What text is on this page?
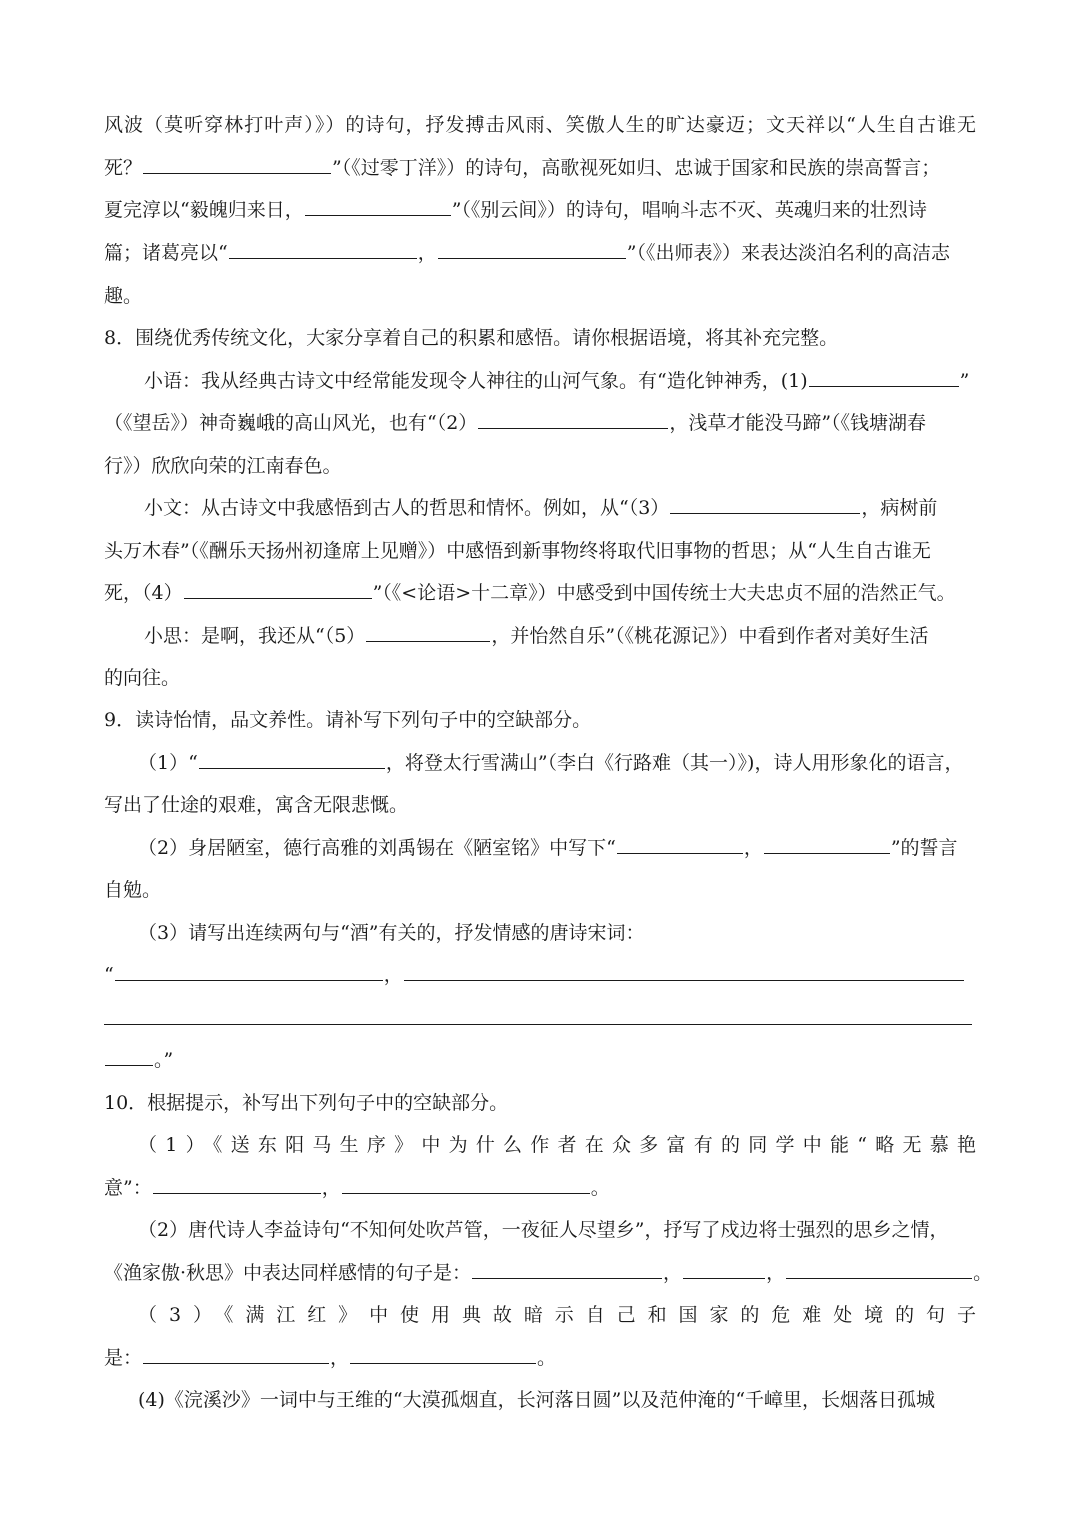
风波（莫听穿林打叶声）》）的诗句，抒发搏击风雨、笑傲人生的旷达豪迈；文天祥以“人生自古谁无
死？	”（《过零丁洋》）的诗句，高歌视死如归、忠诚于国家和民族的崇高誓言；
夏完淳以“毅魄归来日，	”（《别云间》）的诗句，唱响斗志不灭、英魂归来的壮烈诗
篇；诸葛亮以“	，	”（《出师表》）来表达淡泊名利的高洁志
趣。
8．围绕优秀传统文化，大家分享着自己的积累和感悟。请你根据语境，将其补充完整。
小语：我从经典古诗文中经常能发现令人神往的山河气象。有“造化钟神秀，(1)	”
（《望岳》）神奇巍峨的高山风光，也有“（2）	，浅草才能没马蹄”（《钱塘湖春
行》）欣欣向荣的江南春色。
小文：从古诗文中我感悟到古人的哲思和情怀。例如，从“（3）	，病树前
头万木春”（《酬乐天扬州初逢席上见赠》）中感悟到新事物终将取代旧事物的哲思；从“人生自古谁无
死，（4）	”（《<论语>十二章》）中感受到中国传统士大夫忠贞不屈的浩然正气。
小思：是啊，我还从“（5）	，并怡然自乐”（《桃花源记》）中看到作者对美好生活
的向往。
9．读诗怡情，品文养性。请补写下列句子中的空缺部分。
（1）“	，将登太行雪满山”（李白《行路难（其一）》)，诗人用形象化的语言，
写出了仕途的艰难，寓含无限悲慨。
（2）身居陋室，德行高雅的刘禹锡在《陋室铭》中写下“	，	”的誓言
自勉。
（3）请写出连续两句与“酒”有关的，抒发情感的唐诗宋词：
“	，
。”
10．根据提示，补写出下列句子中的空缺部分。
（1）《送东阳马生序》中为什么作者在众多富有的同学中能“略无慕艳
意”：	，	。
（2）唐代诗人李益诗句“不知何处吹芦管，一夜征人尽望乡”，抒写了戍边将士强烈的思乡之情，
《渔家傲·秋思》中表达同样感情的句子是：	，	，	。
（3）《满江红》中使用典故暗示自己和国家的危难处境的句子
是：	，	。
(4)《浣溪沙》一词中与王维的“大漠孤烟直，长河落日圆”以及范仲淹的“千嶂里，长烟落日孤城
